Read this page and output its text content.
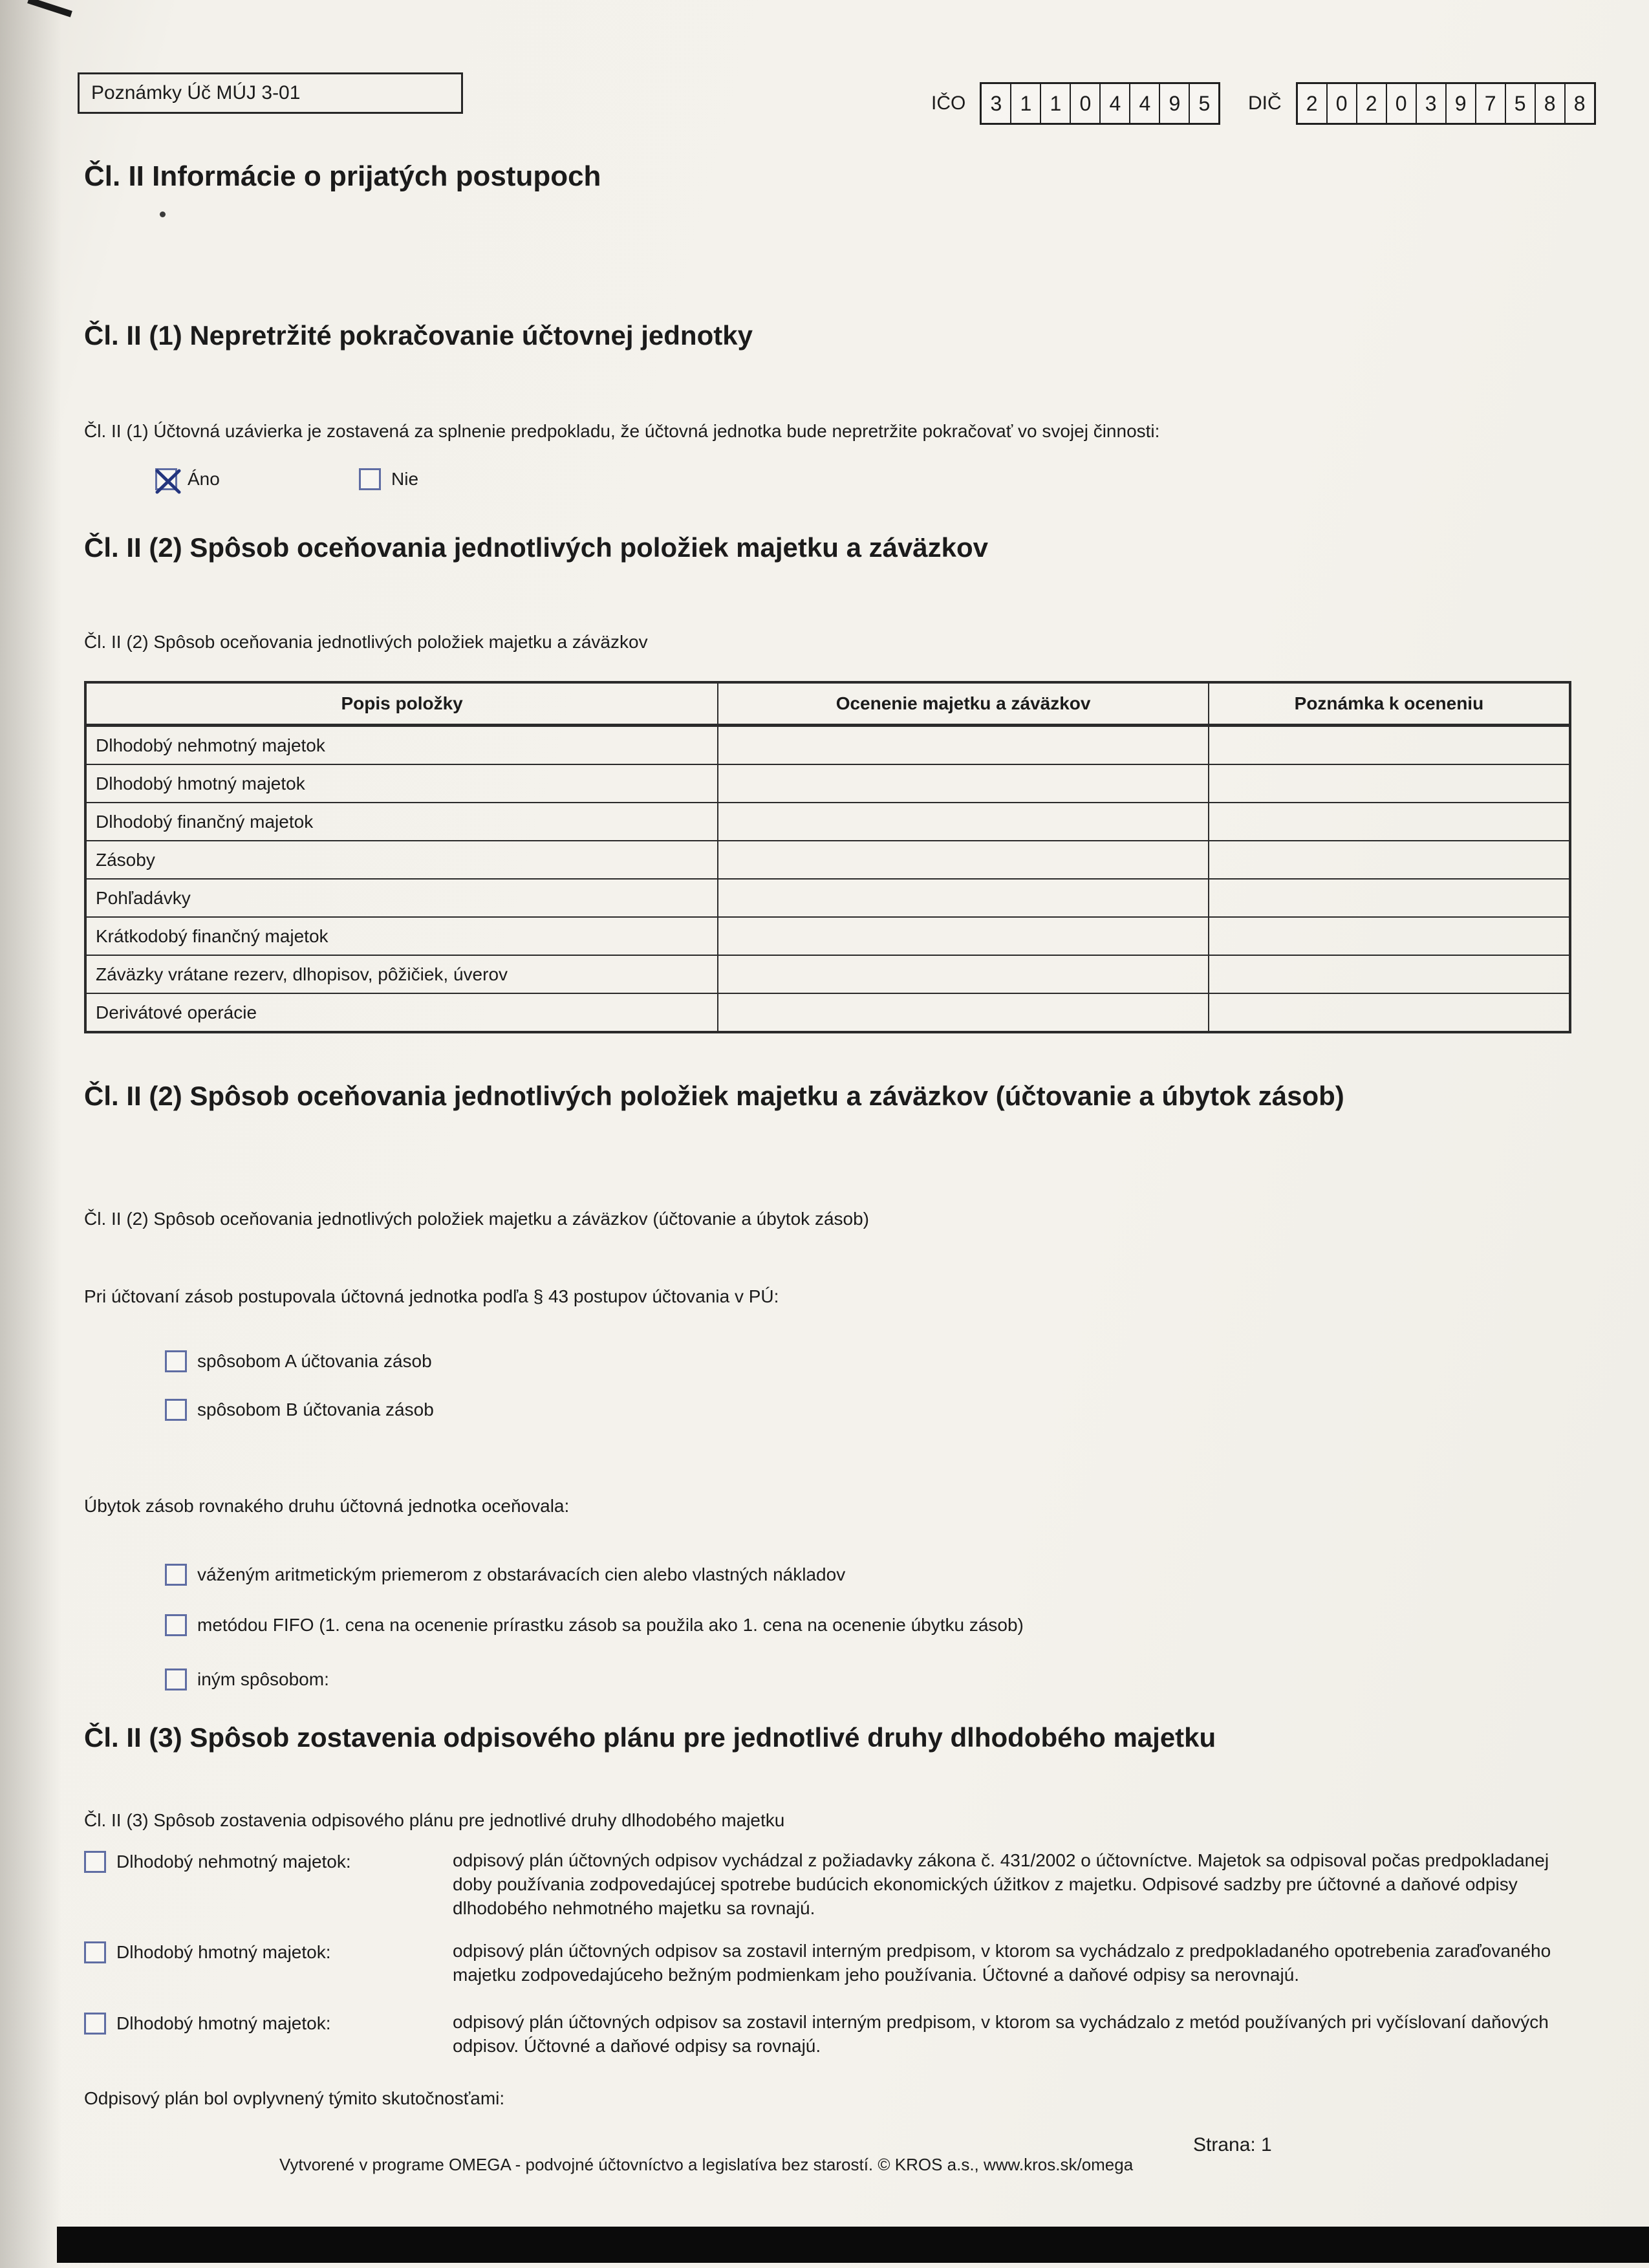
Poznámky Úč MÚJ 3-01	IČO	3 1 1 0 4 4 9 5	DIČ	2 0 2 0 3 9 7 5 8 8
Čl. II Informácie o prijatých postupoch
Čl. II (1) Nepretržité pokračovanie účtovnej jednotky
Čl. II (1) Účtovná uzávierka je zostavená za splnenie predpokladu, že účtovná jednotka bude nepretržite pokračovať vo svojej činnosti:
Áno	Nie
Čl. II (2) Spôsob oceňovania jednotlivých položiek majetku a záväzkov
Čl. II (2) Spôsob oceňovania jednotlivých položiek majetku a záväzkov
Popis položky	Ocenenie majetku a záväzkov	Poznámka k oceneniu
Dlhodobý nehmotný majetok		
Dlhodobý hmotný majetok		
Dlhodobý finančný majetok		
Zásoby		
Pohľadávky		
Krátkodobý finančný majetok		
Záväzky vrátane rezerv, dlhopisov, pôžičiek, úverov		
Derivátové operácie		
Čl. II (2) Spôsob oceňovania jednotlivých položiek majetku a záväzkov (účtovanie a úbytok zásob)
Čl. II (2) Spôsob oceňovania jednotlivých položiek majetku a záväzkov (účtovanie a úbytok zásob)
Pri účtovaní zásob postupovala účtovná jednotka podľa § 43 postupov účtovania v PÚ:
spôsobom A účtovania zásob
spôsobom B účtovania zásob
Úbytok zásob rovnakého druhu účtovná jednotka oceňovala:
váženým aritmetickým priemerom z obstarávacích cien alebo vlastných nákladov
metódou FIFO (1. cena na ocenenie prírastku zásob sa použila ako 1. cena na ocenenie úbytku zásob)
iným spôsobom:
Čl. II (3) Spôsob zostavenia odpisového plánu pre jednotlivé druhy dlhodobého majetku
Čl. II (3) Spôsob zostavenia odpisového plánu pre jednotlivé druhy dlhodobého majetku
Dlhodobý nehmotný majetok:	odpisový plán účtovných odpisov vychádzal z požiadavky zákona č. 431/2002 o účtovníctve. Majetok sa odpisoval počas predpokladanej doby používania zodpovedajúcej spotrebe budúcich ekonomických úžitkov z majetku. Odpisové sadzby pre účtovné a daňové odpisy dlhodobého nehmotného majetku sa rovnajú.
Dlhodobý hmotný majetok:	odpisový plán účtovných odpisov sa zostavil interným predpisom, v ktorom sa vychádzalo z predpokladaného opotrebenia zaraďovaného majetku zodpovedajúceho bežným podmienkam jeho používania. Účtovné a daňové odpisy sa nerovnajú.
Dlhodobý hmotný majetok:	odpisový plán účtovných odpisov sa zostavil interným predpisom, v ktorom sa vychádzalo z metód používaných pri vyčíslovaní daňových odpisov. Účtovné a daňové odpisy sa rovnajú.
Odpisový plán bol ovplyvnený týmito skutočnosťami:
Vytvorené v programe OMEGA - podvojné účtovníctvo a legislatíva bez starostí. © KROS a.s., www.kros.sk/omega
Strana: 1
